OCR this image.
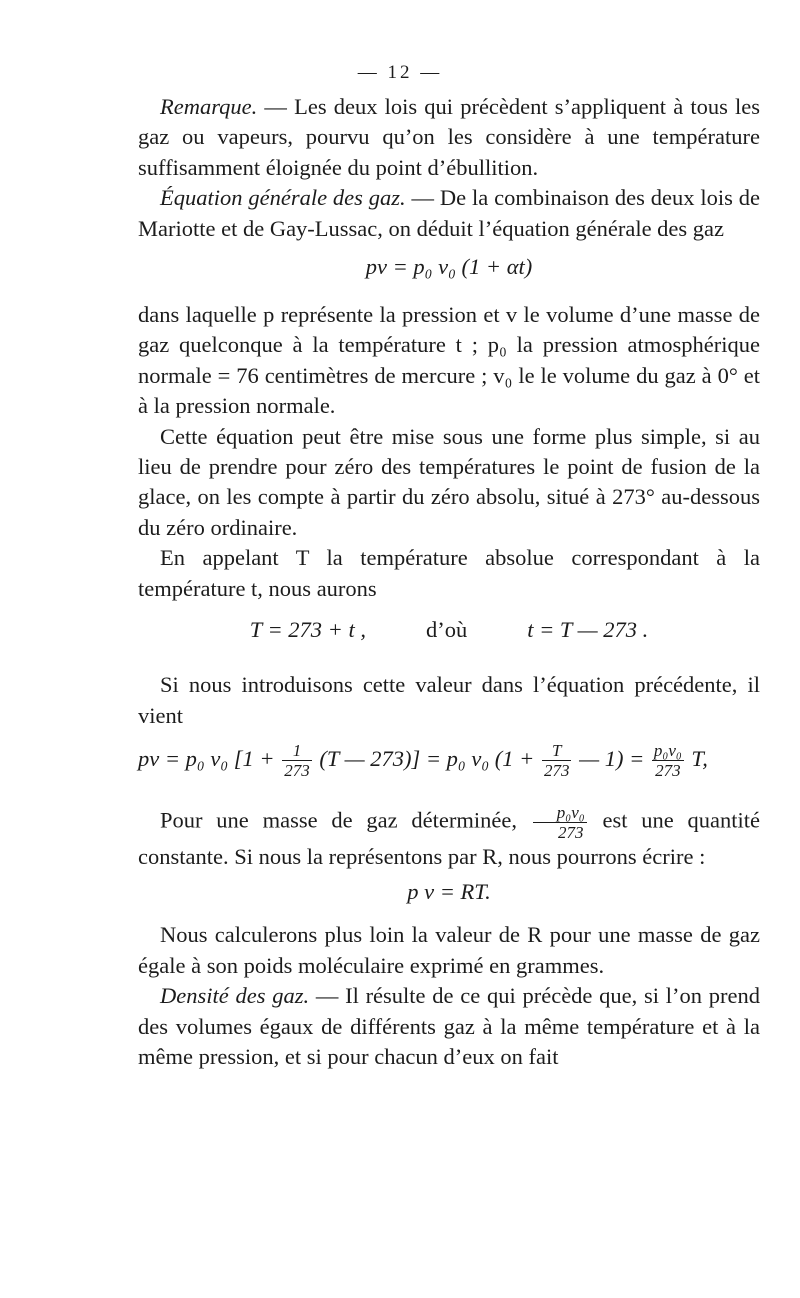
— 12 —

Remarque. — Les deux lois qui précèdent s’appliquent à tous les gaz ou vapeurs, pourvu qu’on les considère à une température suffisamment éloignée du point d’ébullition.

Équation générale des gaz. — De la combinaison des deux lois de Mariotte et de Gay-Lussac, on déduit l’équation générale des gaz

pv = p₀ v₀ (1 + αt)

dans laquelle p représente la pression et v le volume d’une masse de gaz quelconque à la température t ; p₀ la pression atmosphérique normale = 76 centimètres de mercure ; v₀ le le volume du gaz à 0° et à la pression normale.

Cette équation peut être mise sous une forme plus simple, si au lieu de prendre pour zéro des températures le point de fusion de la glace, on les compte à partir du zéro absolu, situé à 273° au-dessous du zéro ordinaire.

En appelant T la température absolue correspondant à la température t, nous aurons

T = 273 + t ,	d’où	t = T — 273 .

Si nous introduisons cette valeur dans l’équation précédente, il vient

pv = p₀ v₀ [$1 + \frac{1}{273} (T$ — 273)] = p₀ v₀ ($1 + \frac{T}{273}$ — $1) = \frac{\text{p₀v₀}}{273} T$,

Pour une masse de gaz déterminée, $\frac{\text{p₀v₀}}{273}$ est une quantité constante. Si nous la représentons par R, nous pourrons écrire :

p v = RT.

Nous calculerons plus loin la valeur de R pour une masse de gaz égale à son poids moléculaire exprimé en grammes.

Densité des gaz. — Il résulte de ce qui précède que, si l’on prend des volumes égaux de différents gaz à la même température et à la même pression, et si pour chacun d’eux on fait
